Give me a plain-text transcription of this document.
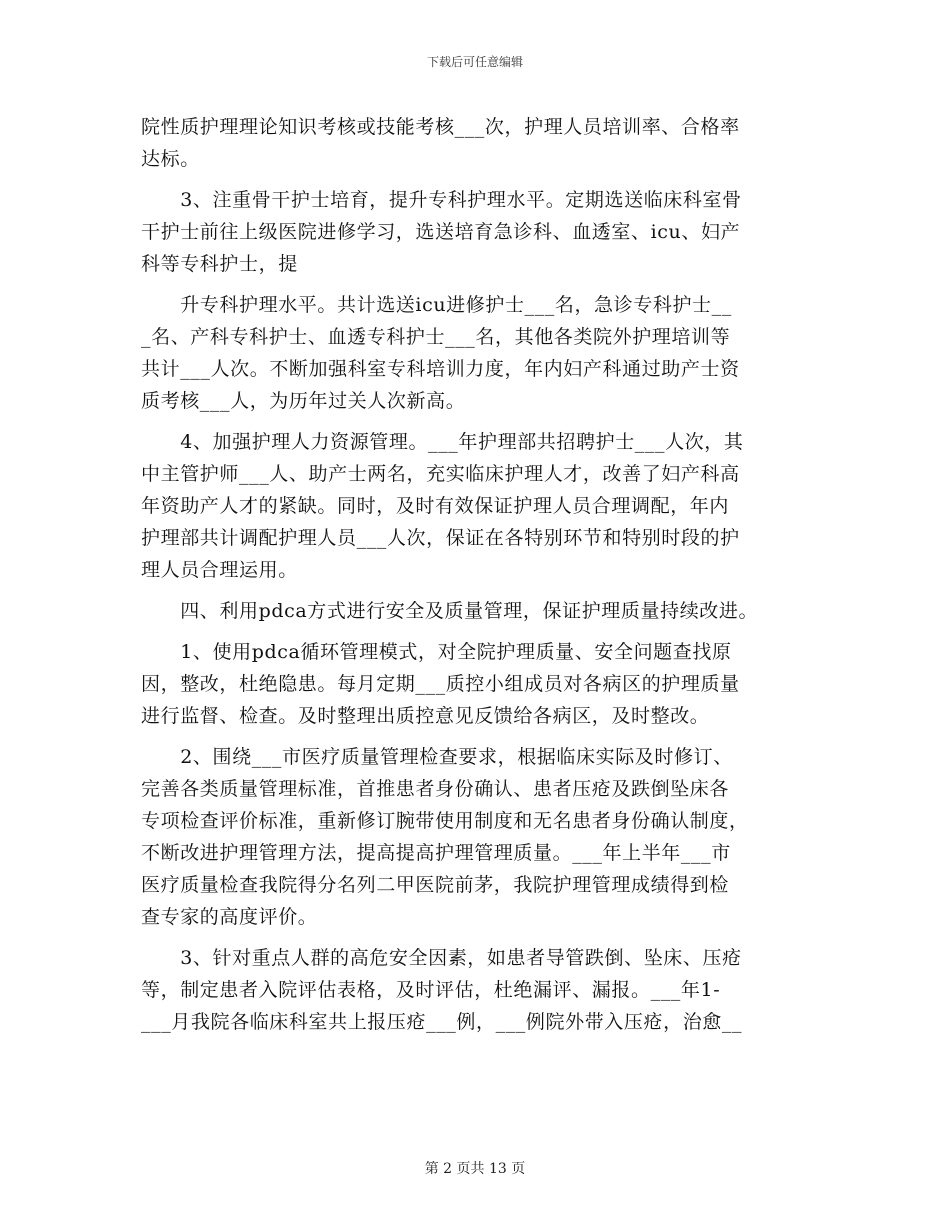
下载后可任意编辑
院性质护理理论知识考核或技能考核___次，护理人员培训率、合格率
达标。
　　3、注重骨干护士培育，提升专科护理水平。定期选送临床科室骨
干护士前往上级医院进修学习，选送培育急诊科、血透室、icu、妇产
科等专科护士，提
　　升专科护理水平。共计选送icu进修护士___名，急诊专科护士__
_名、产科专科护士、血透专科护士___名，其他各类院外护理培训等
共计___人次。不断加强科室专科培训力度，年内妇产科通过助产士资
质考核___人，为历年过关人次新高。
　　4、加强护理人力资源管理。___年护理部共招聘护士___人次，其
中主管护师___人、助产士两名，充实临床护理人才，改善了妇产科高
年资助产人才的紧缺。同时，及时有效保证护理人员合理调配，年内
护理部共计调配护理人员___人次，保证在各特别环节和特别时段的护
理人员合理运用。
　　四、利用pdca方式进行安全及质量管理，保证护理质量持续改进。
　　1、使用pdca循环管理模式，对全院护理质量、安全问题查找原
因，整改，杜绝隐患。每月定期___质控小组成员对各病区的护理质量
进行监督、检查。及时整理出质控意见反馈给各病区，及时整改。
　　2、围绕___市医疗质量管理检查要求，根据临床实际及时修订、
完善各类质量管理标准，首推患者身份确认、患者压疮及跌倒坠床各
专项检查评价标准，重新修订腕带使用制度和无名患者身份确认制度，
不断改进护理管理方法，提高提高护理管理质量。___年上半年___市
医疗质量检查我院得分名列二甲医院前茅，我院护理管理成绩得到检
查专家的高度评价。
　　3、针对重点人群的高危安全因素，如患者导管跌倒、坠床、压疮
等，制定患者入院评估表格，及时评估，杜绝漏评、漏报。___年1-
___月我院各临床科室共上报压疮___例，___例院外带入压疮，治愈__
第 2 页共 13 页
